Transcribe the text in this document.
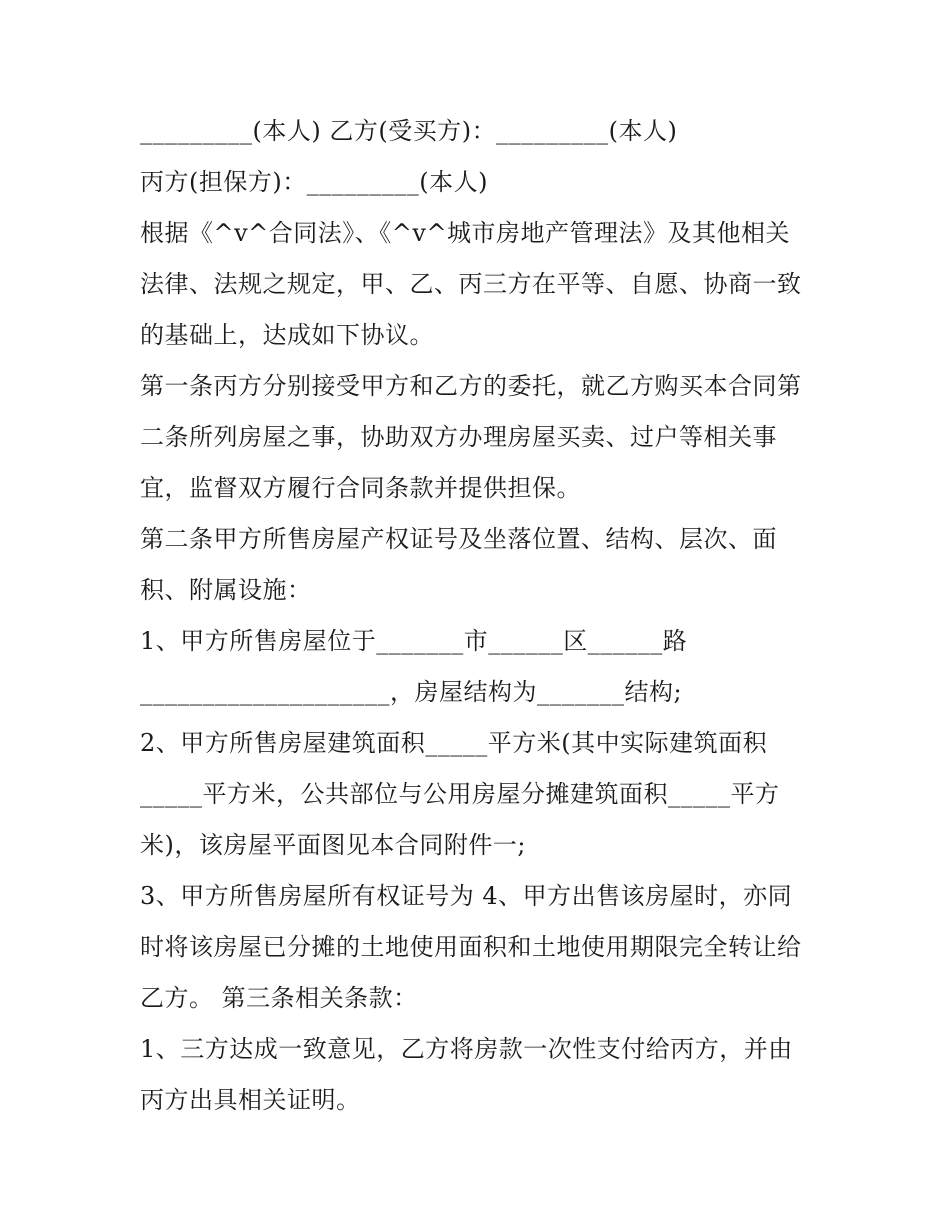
_________(本人) 乙方(受买方)：_________(本人)
丙方(担保方)：_________(本人)
根据《^v^合同法》、《^v^城市房地产管理法》及其他相关
法律、法规之规定，甲、乙、丙三方在平等、自愿、协商一致
的基础上，达成如下协议。
第一条丙方分别接受甲方和乙方的委托，就乙方购买本合同第
二条所列房屋之事，协助双方办理房屋买卖、过户等相关事
宜，监督双方履行合同条款并提供担保。
第二条甲方所售房屋产权证号及坐落位置、结构、层次、面
积、附属设施：
1、甲方所售房屋位于_______市______区______路
____________________，房屋结构为_______结构;
2、甲方所售房屋建筑面积_____平方米(其中实际建筑面积
_____平方米，公共部位与公用房屋分摊建筑面积_____平方
米)，该房屋平面图见本合同附件一;
3、甲方所售房屋所有权证号为 4、甲方出售该房屋时，亦同
时将该房屋已分摊的土地使用面积和土地使用期限完全转让给
乙方。 第三条相关条款：
1、三方达成一致意见，乙方将房款一次性支付给丙方，并由
丙方出具相关证明。
